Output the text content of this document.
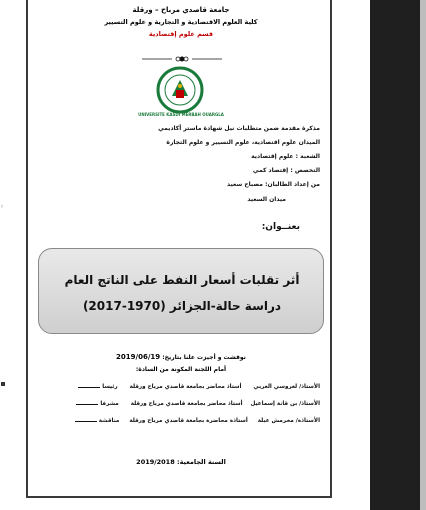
جامعة قاصدي مرباح – ورقلة
كلية العلوم الاقتصادية و التجارية و علوم التسيير
قسم علوم إقتصادية
UNIVERSITE KASDI MERBAH OUARGLA
مذكرة مقدمة ضمن متطلبات نيل شهادة ماستر أكاديمي
الميدان علوم اقتصادية، علوم التسيير و علوم التجارة
الشعبة : علوم إقتصادية
التخصص : إقتصاد كمي
من إعداد الطالبان: مصباح سعيد
ميدان السعيد
بعنــوان:
أثر تقلبات أسعار النفط على الناتج العام
دراسة حالة-الجزائر (1970-2017)
نوقشت و أجيزت علنا بتاريخ: 2019/06/19
أمام اللجنة المكونة من السادة:
الأستاذ/ لعروسي العربي أستاذ محاضر بجامعة قاصدي مرباح ورقلة رئيسا
الأستاذ/ بن قانة إسماعيل أستاذ محاضر بجامعة قاصدي مرباح ورقلة مشرفا
الأستاذة/ مخرمش عبلة أستاذة محاضرة بجامعة قاصدي مرباح ورقلة مناقشة
السنة الجامعية: 2019/2018
◦
